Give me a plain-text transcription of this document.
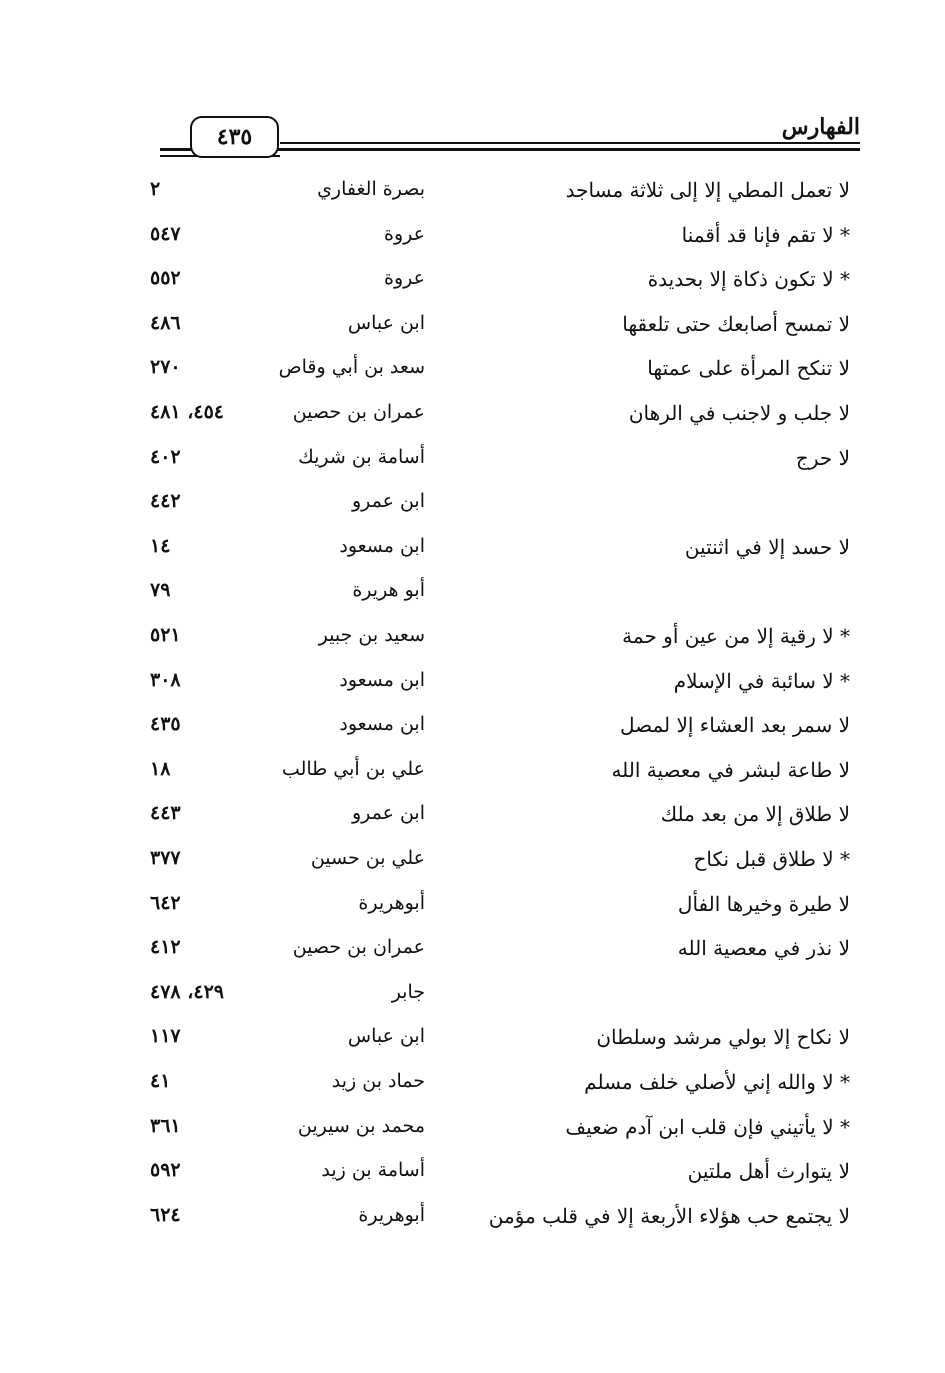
الفهارس
٤٣٥
لا تعمل المطي إلا إلى ثلاثة مساجد
بصرة الغفاري
٢
* لا تقم فإنا قد أقمنا
عروة
٥٤٧
* لا تكون ذكاة إلا بحديدة
عروة
٥٥٢
لا تمسح أصابعك حتى تلعقها
ابن عباس
٤٨٦
لا تنكح المرأة على عمتها
سعد بن أبي وقاص
٢٧٠
لا جلب و لاجنب في الرهان
عمران بن حصين
٤٥٤، ٤٨١
لا حرج
أسامة بن شريك
٤٠٢
ابن عمرو
٤٤٢
لا حسد إلا في اثنتين
ابن مسعود
١٤
أبو هريرة
٧٩
* لا رقية إلا من عين أو حمة
سعيد بن جبير
٥٢١
* لا سائبة في الإسلام
ابن مسعود
٣٠٨
لا سمر بعد العشاء إلا لمصل
ابن مسعود
٤٣٥
لا طاعة لبشر في معصية الله
علي بن أبي طالب
١٨
لا طلاق إلا من بعد ملك
ابن عمرو
٤٤٣
* لا طلاق قبل نكاح
علي بن حسين
٣٧٧
لا طيرة وخيرها الفأل
أبوهريرة
٦٤٢
لا نذر في معصية الله
عمران بن حصين
٤١٢
جابر
٤٢٩، ٤٧٨
لا نكاح إلا بولي مرشد وسلطان
ابن عباس
١١٧
* لا والله إني لأصلي خلف مسلم
حماد بن زيد
٤١
* لا يأتيني فإن قلب ابن آدم ضعيف
محمد بن سيرين
٣٦١
لا يتوارث أهل ملتين
أسامة بن زيد
٥٩٢
لا يجتمع حب هؤلاء الأربعة إلا في قلب مؤمن
أبوهريرة
٦٢٤
